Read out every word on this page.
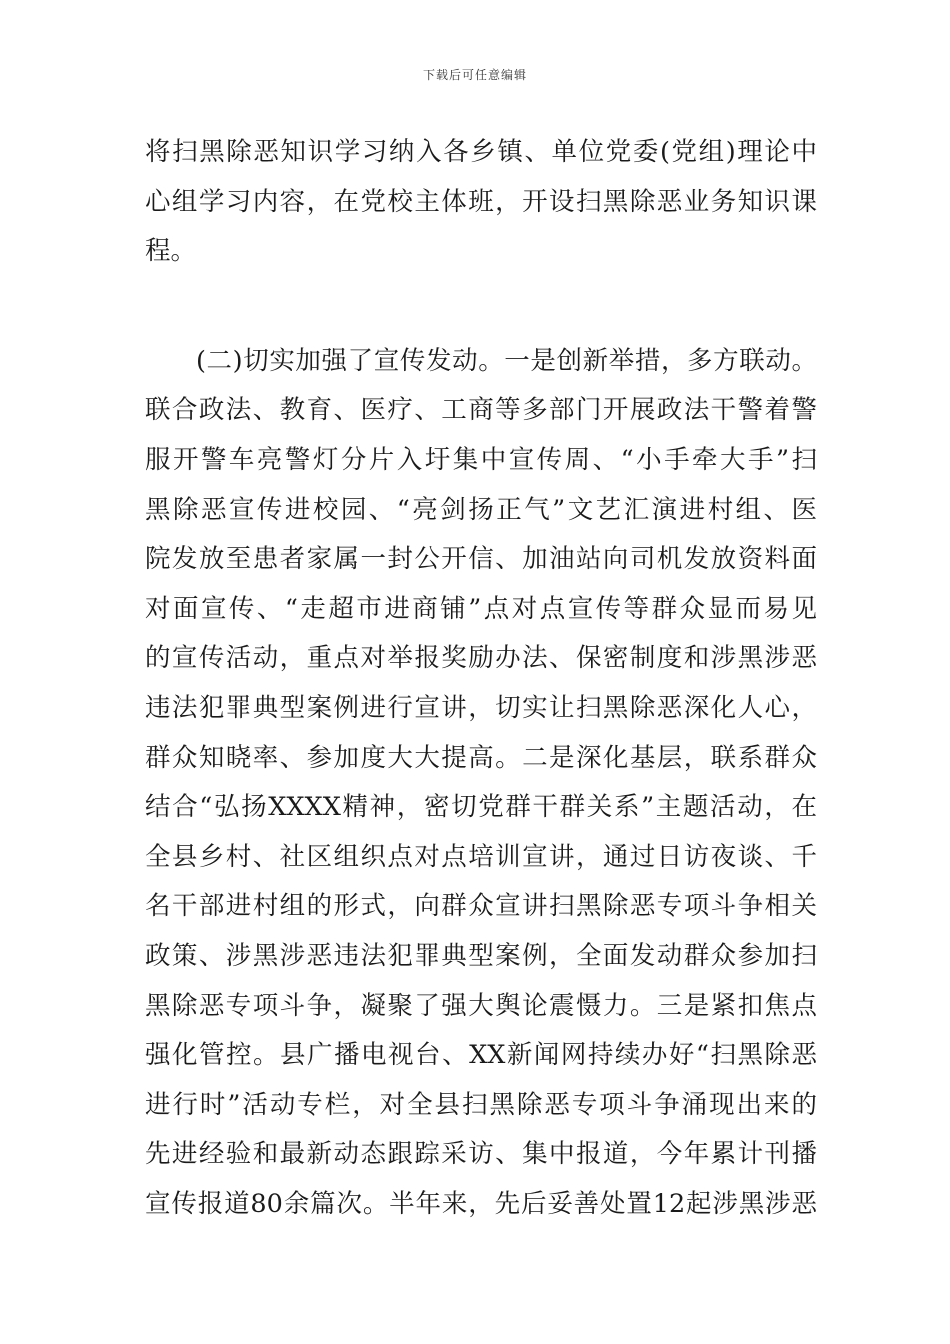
下载后可任意编辑
将扫黑除恶知识学习纳入各乡镇、单位党委(党组)理论中
心组学习内容，在党校主体班，开设扫黑除恶业务知识课
程。
(二)切实加强了宣传发动。一是创新举措，多方联动。
联合政法、教育、医疗、工商等多部门开展政法干警着警
服开警车亮警灯分片入圩集中宣传周、“小手牵大手”扫
黑除恶宣传进校园、“亮剑扬正气”文艺汇演进村组、医
院发放至患者家属一封公开信、加油站向司机发放资料面
对面宣传、“走超市进商铺”点对点宣传等群众显而易见
的宣传活动，重点对举报奖励办法、保密制度和涉黑涉恶
违法犯罪典型案例进行宣讲，切实让扫黑除恶深化人心，
群众知晓率、参加度大大提高。二是深化基层，联系群众
结合“弘扬XXXX精神，密切党群干群关系”主题活动，在
全县乡村、社区组织点对点培训宣讲，通过日访夜谈、千
名干部进村组的形式，向群众宣讲扫黑除恶专项斗争相关
政策、涉黑涉恶违法犯罪典型案例，全面发动群众参加扫
黑除恶专项斗争，凝聚了强大舆论震慑力。三是紧扣焦点
强化管控。县广播电视台、XX新闻网持续办好“扫黑除恶
进行时”活动专栏，对全县扫黑除恶专项斗争涌现出来的
先进经验和最新动态跟踪采访、集中报道，今年累计刊播
宣传报道80余篇次。半年来，先后妥善处置12起涉黑涉恶
